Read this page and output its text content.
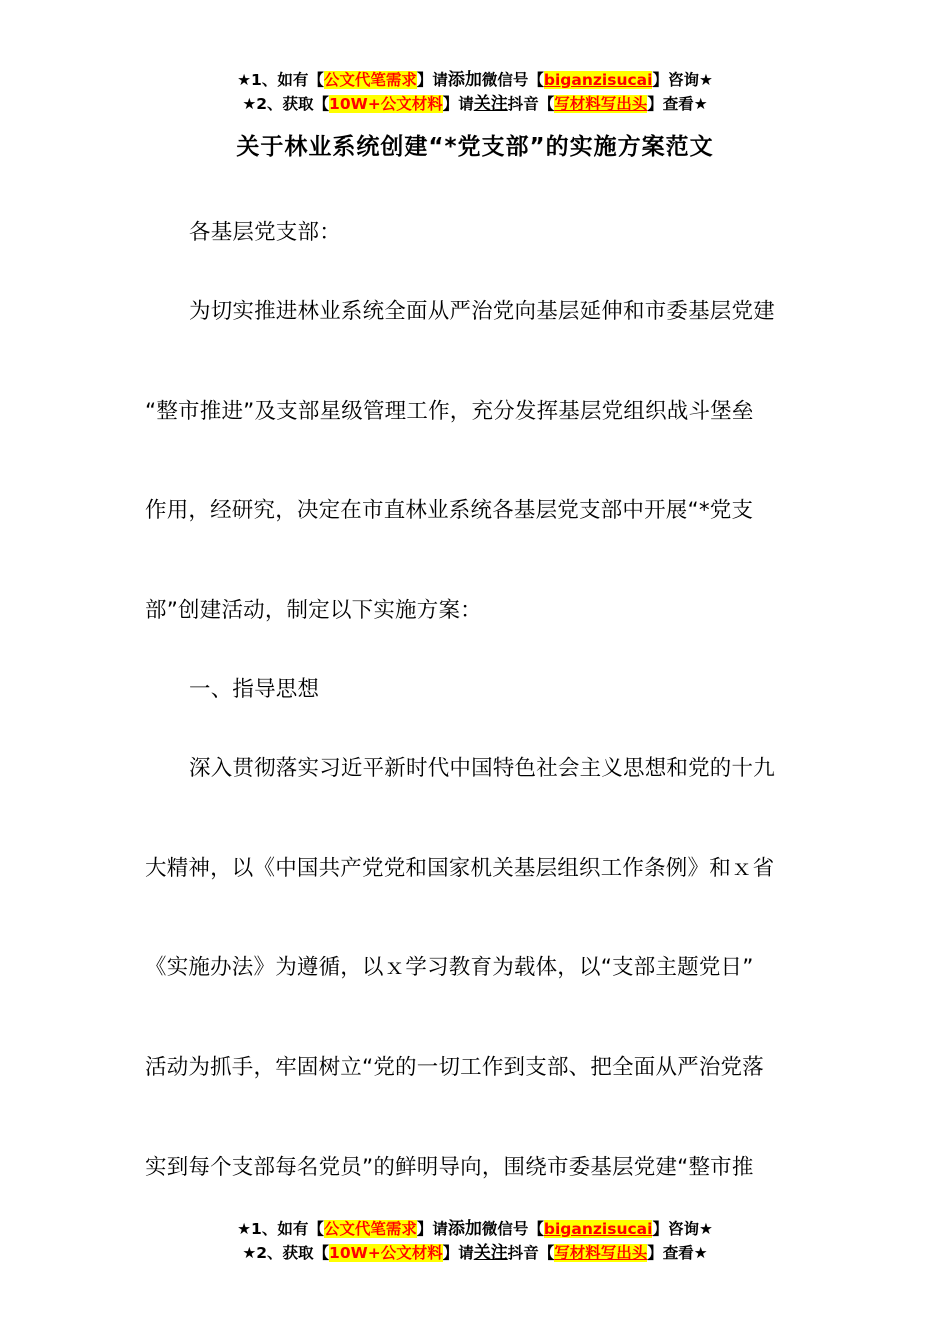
★1、如有【公文代笔需求】请添加微信号【biganzisucai】咨询★
★2、获取【10W+公文材料】请关注抖音【写材料写出头】查看★
关于林业系统创建“*党支部”的实施方案范文
各基层党支部：
为切实推进林业系统全面从严治党向基层延伸和市委基层党建
“整市推进”及支部星级管理工作，充分发挥基层党组织战斗堡垒
作用，经研究，决定在市直林业系统各基层党支部中开展“*党支
部”创建活动，制定以下实施方案：
一、指导思想
深入贯彻落实习近平新时代中国特色社会主义思想和党的十九
大精神，以《中国共产党党和国家机关基层组织工作条例》和ｘ省
《实施办法》为遵循，以ｘ学习教育为载体，以“支部主题党日”
活动为抓手，牢固树立“党的一切工作到支部、把全面从严治党落
实到每个支部每名党员”的鲜明导向，围绕市委基层党建“整市推
★1、如有【公文代笔需求】请添加微信号【biganzisucai】咨询★
★2、获取【10W+公文材料】请关注抖音【写材料写出头】查看★
